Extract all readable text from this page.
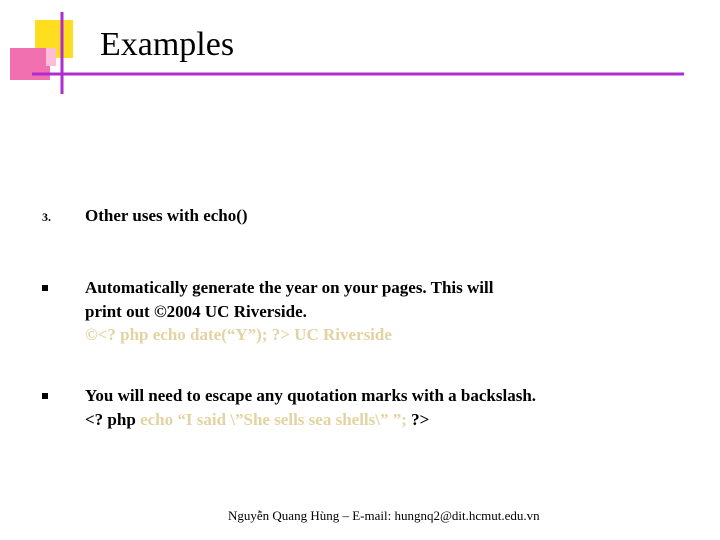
Examples
3. Other uses with echo()
Automatically generate the year on your pages. This will
print out ©2004 UC Riverside.
©<? php echo date(“Y”); ?> UC Riverside
You will need to escape any quotation marks with a backslash.
<? php echo “I said \”She sells sea shells\” ”; ?>
Nguyễn Quang Hùng – E-mail: hungnq2@dit.hcmut.edu.vn
